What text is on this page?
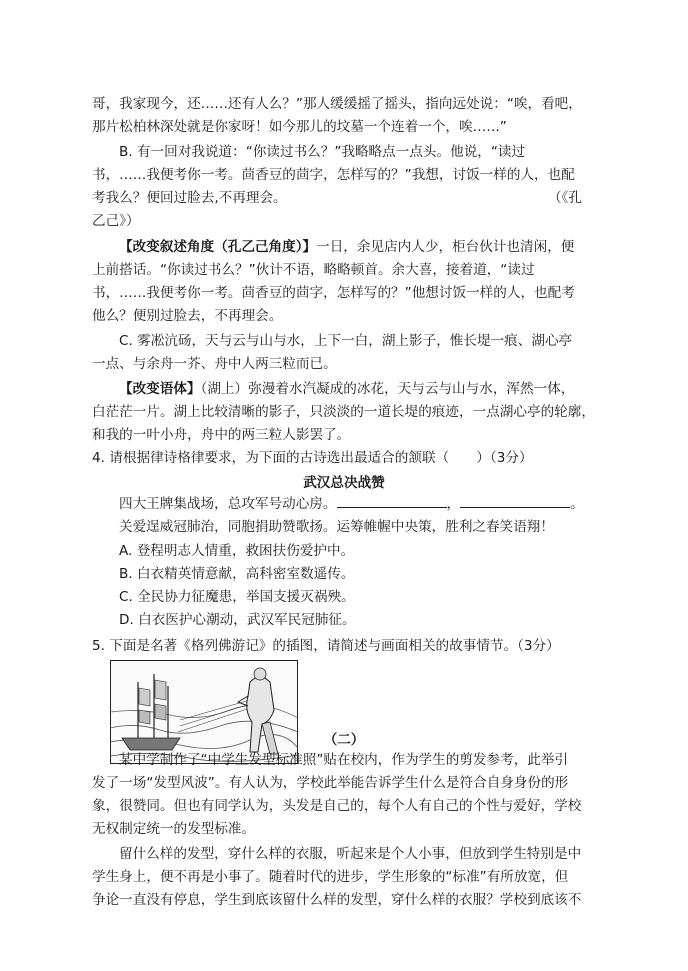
哥，我家现今，还……还有人么？”那人缓缓摇了摇头，指向远处说：“唉，看吧，
那片松柏林深处就是你家呀！如今那儿的坟墓一个连着一个，唉……”
B. 有一回对我说道：“你读过书么？”我略略点一点头。他说，“读过
书，……我便考你一考。茴香豆的茴字，怎样写的？”我想，讨饭一样的人，也配
考我么？便回过脸去,不再理会。	（《孔
乙己》）
【改变叙述角度（孔乙己角度）】一日，余见店内人少，柜台伙计也清闲，便
上前搭话。“你读过书么？”伙计不语，略略顿首。余大喜，接着道，“读过
书，……我便考你一考。茴香豆的茴字，怎样写的？”他想讨饭一样的人，也配考
他么？便别过脸去，不再理会。
C. 雾凇沆砀，天与云与山与水，上下一白，湖上影子，惟长堤一痕、湖心亭
一点、与余舟一芥、舟中人两三粒而已。
【改变语体】（湖上）弥漫着水汽凝成的冰花，天与云与山与水，浑然一体，
白茫茫一片。湖上比较清晰的影子，只淡淡的一道长堤的痕迹，一点湖心亭的轮廓，
和我的一叶小舟，舟中的两三粒人影罢了。
4. 请根据律诗格律要求，为下面的古诗选出最适合的颔联（　　）（3分）
武汉总决战赞
四大王牌集战场，总攻军号动心房。	，	。
关爱逞威冠肺治，同胞捐助赞歌扬。运筹帷幄中央策，胜利之春笑语翔！
A. 登程明志人情重，救困扶伤爱护中。
B. 白衣精英情意献，高科密室数遥传。
C. 全民协力征魔患，举国支援灭祸殃。
D. 白衣医护心潮动，武汉军民冠肺征。
5. 下面是名著《格列佛游记》的插图，请简述与画面相关的故事情节。（3分）
（二）
某中学制作了“中学生发型标准照”贴在校内，作为学生的剪发参考，此举引
发了一场“发型风波”。有人认为，学校此举能告诉学生什么是符合自身身份的形
象，很赞同。但也有同学认为，头发是自己的，每个人有自己的个性与爱好，学校
无权制定统一的发型标准。
留什么样的发型，穿什么样的衣服，听起来是个人小事，但放到学生特别是中
学生身上，便不再是小事了。随着时代的进步，学生形象的“标准”有所放宽，但
争论一直没有停息，学生到底该留什么样的发型，穿什么样的衣服？学校到底该不
